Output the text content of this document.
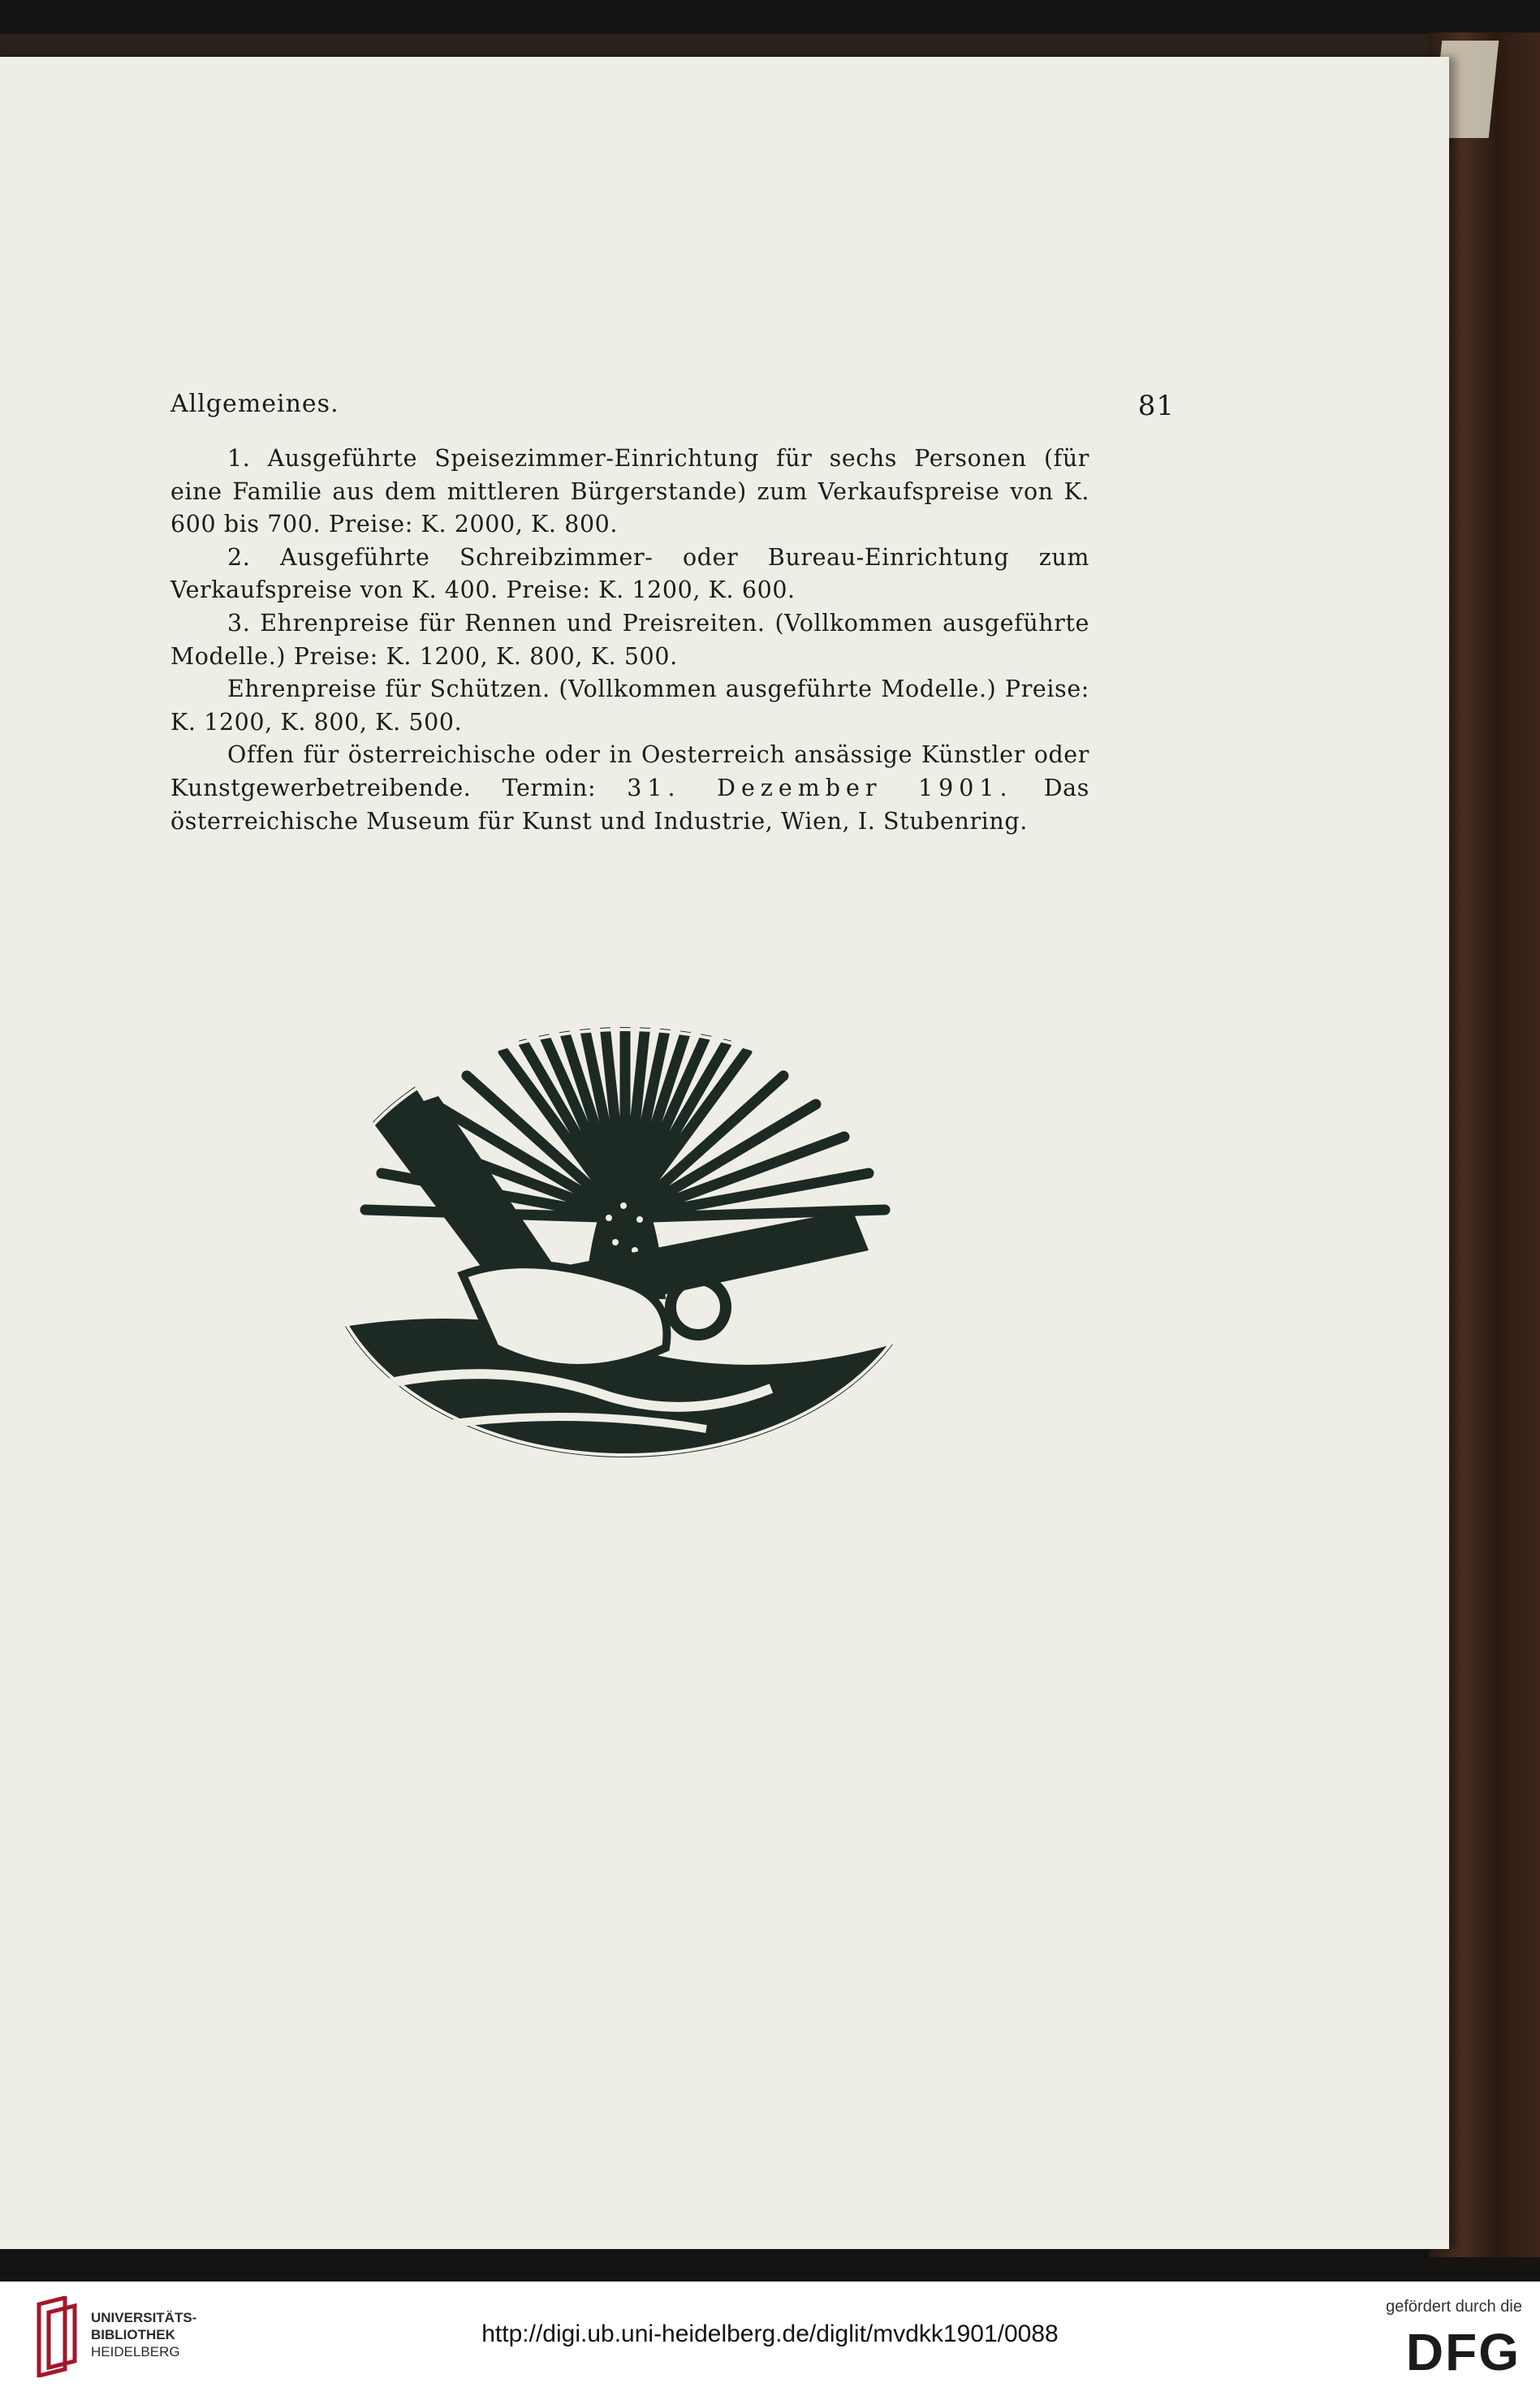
Allgemeines.	81

1. Ausgeführte Speisezimmer-Einrichtung für sechs Personen (für eine Familie aus dem mittleren Bürgerstande) zum Verkaufspreise von K. 600 bis 700. Preise: K. 2000, K. 800.

2. Ausgeführte Schreibzimmer- oder Bureau-Einrichtung zum Verkaufspreise von K. 400. Preise: K. 1200, K. 600.

3. Ehrenpreise für Rennen und Preisreiten. (Vollkommen ausgeführte Modelle.) Preise: K. 1200, K. 800, K. 500.

Ehrenpreise für Schützen. (Vollkommen ausgeführte Modelle.) Preise: K. 1200, K. 800, K. 500.

Offen für österreichische oder in Oesterreich ansässige Künstler oder Kunstgewerbetreibende. Termin: 31. Dezember 1901. Das österreichische Museum für Kunst und Industrie, Wien, I. Stubenring.

UNIVERSITÄTS-
BIBLIOTHEK
HEIDELBERG
http://digi.ub.uni-heidelberg.de/diglit/mvdkk1901/0088
gefördert durch die
DFG
